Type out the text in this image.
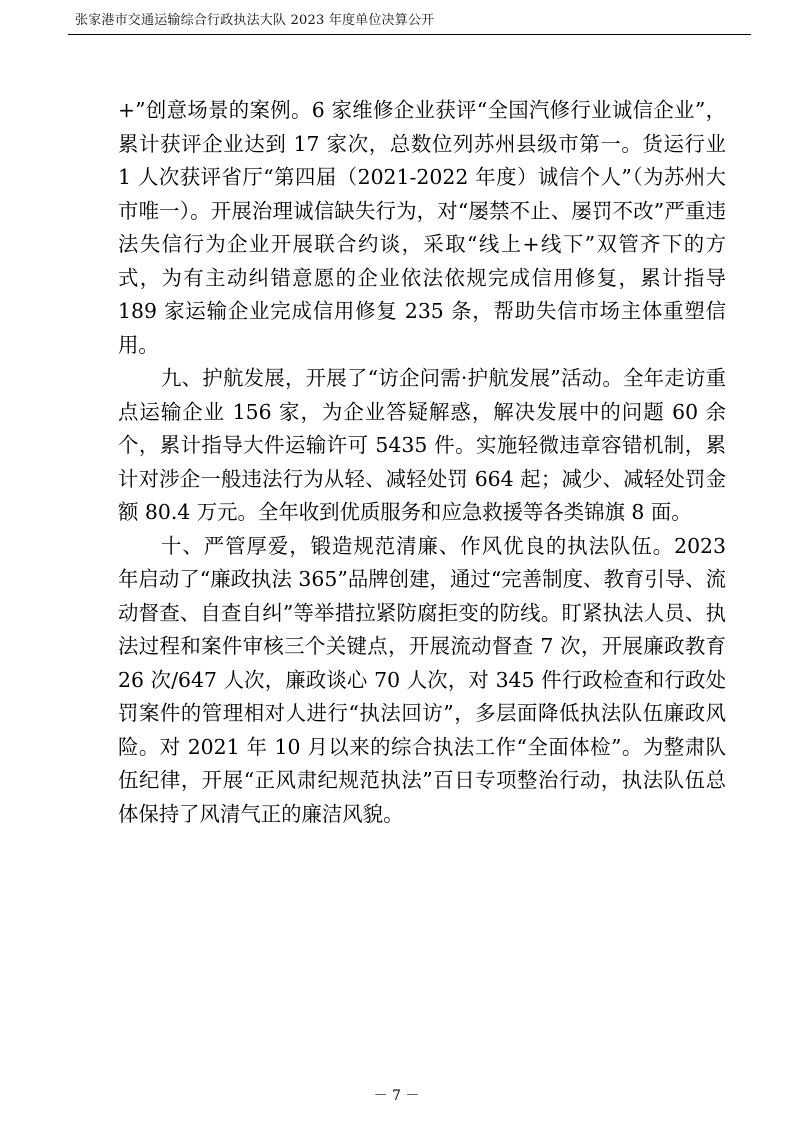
张家港市交通运输综合行政执法大队 2023 年度单位决算公开

+”创意场景的案例。6 家维修企业获评“全国汽修行业诚信企业”，累计获评企业达到 17 家次，总数位列苏州县级市第一。货运行业 1 人次获评省厅“第四届（2021-2022 年度）诚信个人”（为苏州大市唯一）。开展治理诚信缺失行为，对“屡禁不止、屡罚不改”严重违法失信行为企业开展联合约谈，采取“线上+线下”双管齐下的方式，为有主动纠错意愿的企业依法依规完成信用修复，累计指导 189 家运输企业完成信用修复 235 条，帮助失信市场主体重塑信用。

九、护航发展，开展了“访企问需·护航发展”活动。全年走访重点运输企业 156 家，为企业答疑解惑，解决发展中的问题 60 余个，累计指导大件运输许可 5435 件。实施轻微违章容错机制，累计对涉企一般违法行为从轻、减轻处罚 664 起；减少、减轻处罚金额 80.4 万元。全年收到优质服务和应急救援等各类锦旗 8 面。

十、严管厚爱，锻造规范清廉、作风优良的执法队伍。2023 年启动了“廉政执法 365”品牌创建，通过“完善制度、教育引导、流动督查、自查自纠”等举措拉紧防腐拒变的防线。盯紧执法人员、执法过程和案件审核三个关键点，开展流动督查 7 次，开展廉政教育 26 次/647 人次，廉政谈心 70 人次，对 345 件行政检查和行政处罚案件的管理相对人进行“执法回访”，多层面降低执法队伍廉政风险。对 2021 年 10 月以来的综合执法工作“全面体检”。为整肃队伍纪律，开展“正风肃纪规范执法”百日专项整治行动，执法队伍总体保持了风清气正的廉洁风貌。

－ 7 －
